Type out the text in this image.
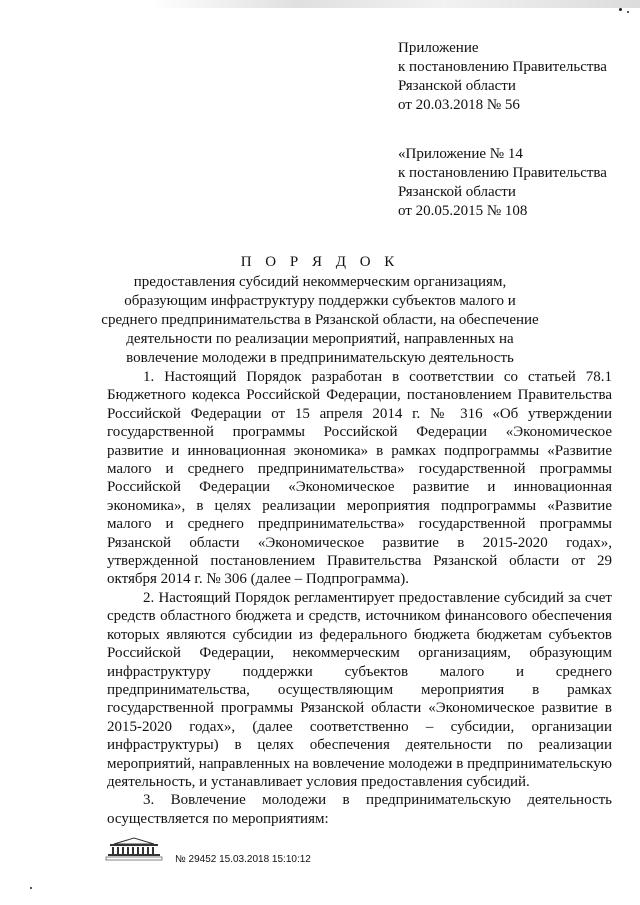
Приложение
к постановлению Правительства
Рязанской области
от 20.03.2018 № 56
«Приложение № 14
к постановлению Правительства
Рязанской области
от 20.05.2015 № 108
П О Р Я Д О К
предоставления субсидий некоммерческим организациям,
образующим инфраструктуру поддержки субъектов малого и
среднего предпринимательства в Рязанской области, на обеспечение
деятельности по реализации мероприятий, направленных на
вовлечение молодежи в предпринимательскую деятельность

1. Настоящий Порядок разработан в соответствии со статьей 78.1 Бюджетного кодекса Российской Федерации, постановлением Правительства Российской Федерации от 15 апреля 2014 г. № 316 «Об утверждении государственной программы Российской Федерации «Экономическое развитие и инновационная экономика» в рамках подпрограммы «Развитие малого и среднего предпринимательства» государственной программы Российской Федерации «Экономическое развитие и инновационная экономика», в целях реализации мероприятия подпрограммы «Развитие малого и среднего предпринимательства» государственной программы Рязанской области «Экономическое развитие в 2015-2020 годах», утвержденной постановлением Правительства Рязанской области от 29 октября 2014 г. № 306 (далее – Подпрограмма).

2. Настоящий Порядок регламентирует предоставление субсидий за счет средств областного бюджета и средств, источником финансового обеспечения которых являются субсидии из федерального бюджета бюджетам субъектов Российской Федерации, некоммерческим организациям, образующим инфраструктуру поддержки субъектов малого и среднего предпринимательства, осуществляющим мероприятия в рамках государственной программы Рязанской области «Экономическое развитие в 2015-2020 годах», (далее соответственно – субсидии, организации инфраструктуры) в целях обеспечения деятельности по реализации мероприятий, направленных на вовлечение молодежи в предпринимательскую деятельность, и устанавливает условия предоставления субсидий.

3. Вовлечение молодежи в предпринимательскую деятельность осуществляется по мероприятиям:

№ 29452 15.03.2018 15:10:12
